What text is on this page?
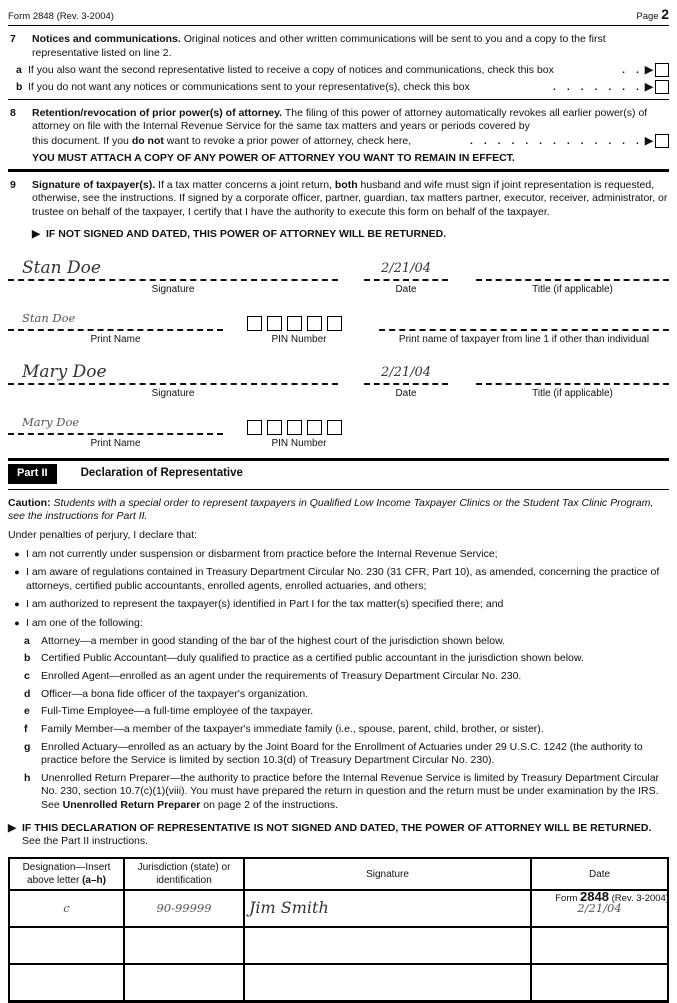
Form 2848 (Rev. 3-2004)	Page 2
7	Notices and communications. Original notices and other written communications will be sent to you and a copy to the first representative listed on line 2.
a If you also want the second representative listed to receive a copy of notices and communications, check this box	. . ▶
b If you do not want any notices or communications sent to your representative(s), check this box	. . . . . . . ▶
8	Retention/revocation of prior power(s) of attorney. The filing of this power of attorney automatically revokes all earlier power(s) of attorney on file with the Internal Revenue Service for the same tax matters and years or periods covered by
this document. If you do not want to revoke a prior power of attorney, check here,	. . . . . . . . . . . . . ▶
YOU MUST ATTACH A COPY OF ANY POWER OF ATTORNEY YOU WANT TO REMAIN IN EFFECT.
9	Signature of taxpayer(s). If a tax matter concerns a joint return, both husband and wife must sign if joint representation is requested, otherwise, see the instructions. If signed by a corporate officer, partner, guardian, tax matters partner, executor, receiver, administrator, or trustee on behalf of the taxpayer, I certify that I have the authority to execute this form on behalf of the taxpayer.
▶ IF NOT SIGNED AND DATED, THIS POWER OF ATTORNEY WILL BE RETURNED.
Stan Doe
Signature
2/21/04
Date	Title (if applicable)
Stan Doe
Print Name	PIN Number	Print name of taxpayer from line 1 if other than individual
Mary Doe
Signature
2/21/04
Date	Title (if applicable)
Mary Doe
Print Name	PIN Number
Part II	Declaration of Representative
Caution: Students with a special order to represent taxpayers in Qualified Low Income Taxpayer Clinics or the Student Tax Clinic Program, see the instructions for Part II.
Under penalties of perjury, I declare that:
● I am not currently under suspension or disbarment from practice before the Internal Revenue Service;
● I am aware of regulations contained in Treasury Department Circular No. 230 (31 CFR, Part 10), as amended, concerning the practice of attorneys, certified public accountants, enrolled agents, enrolled actuaries, and others;
● I am authorized to represent the taxpayer(s) identified in Part I for the tax matter(s) specified there; and
● I am one of the following:
a	Attorney—a member in good standing of the bar of the highest court of the jurisdiction shown below.
b	Certified Public Accountant—duly qualified to practice as a certified public accountant in the jurisdiction shown below.
c	Enrolled Agent—enrolled as an agent under the requirements of Treasury Department Circular No. 230.
d	Officer—a bona fide officer of the taxpayer's organization.
e	Full-Time Employee—a full-time employee of the taxpayer.
f	Family Member—a member of the taxpayer's immediate family (i.e., spouse, parent, child, brother, or sister).
g	Enrolled Actuary—enrolled as an actuary by the Joint Board for the Enrollment of Actuaries under 29 U.S.C. 1242 (the authority to practice before the Service is limited by section 10.3(d) of Treasury Department Circular No. 230).
h	Unenrolled Return Preparer—the authority to practice before the Internal Revenue Service is limited by Treasury Department Circular No. 230, section 10.7(c)(1)(viii). You must have prepared the return in question and the return must be under examination by the IRS. See Unenrolled Return Preparer on page 2 of the instructions.
▶ IF THIS DECLARATION OF REPRESENTATIVE IS NOT SIGNED AND DATED, THE POWER OF ATTORNEY WILL BE RETURNED. See the Part II instructions.
Designation—Insert
above letter (a–h)	Jurisdiction (state) or identification	Signature	Date
c	90-99999	Jim Smith	2/21/04

Form 2848 (Rev. 3-2004)
